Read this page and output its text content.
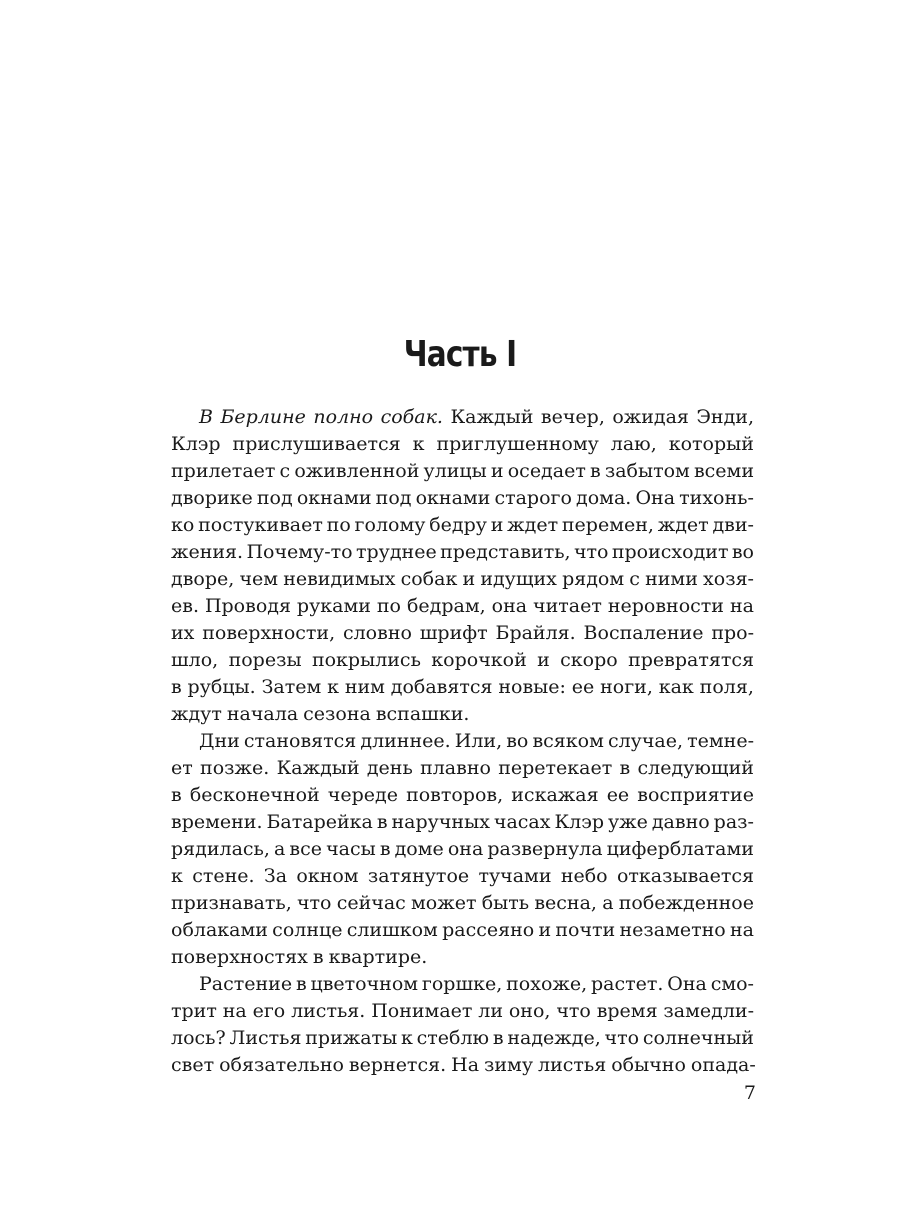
Часть I
В Берлине полно собак. Каждый вечер, ожидая Энди,
Клэр прислушивается к приглушенному лаю, который
прилетает с оживленной улицы и оседает в забытом всеми
дворике под окнами под окнами старого дома. Она тихонь-
ко постукивает по голому бедру и ждет перемен, ждет дви-
жения. Почему-то труднее представить, что происходит во
дворе, чем невидимых собак и идущих рядом с ними хозя-
ев. Проводя руками по бедрам, она читает неровности на
их поверхности, словно шрифт Брайля. Воспаление про-
шло, порезы покрылись корочкой и скоро превратятся
в рубцы. Затем к ним добавятся новые: ее ноги, как поля,
ждут начала сезона вспашки.
Дни становятся длиннее. Или, во всяком случае, темне-
ет позже. Каждый день плавно перетекает в следующий
в бесконечной череде повторов, искажая ее восприятие
времени. Батарейка в наручных часах Клэр уже давно раз-
рядилась, а все часы в доме она развернула циферблатами
к стене. За окном затянутое тучами небо отказывается
признавать, что сейчас может быть весна, а побежденное
облаками солнце слишком рассеяно и почти незаметно на
поверхностях в квартире.
Растение в цветочном горшке, похоже, растет. Она смо-
трит на его листья. Понимает ли оно, что время замедли-
лось? Листья прижаты к стеблю в надежде, что солнечный
свет обязательно вернется. На зиму листья обычно опада-
7
